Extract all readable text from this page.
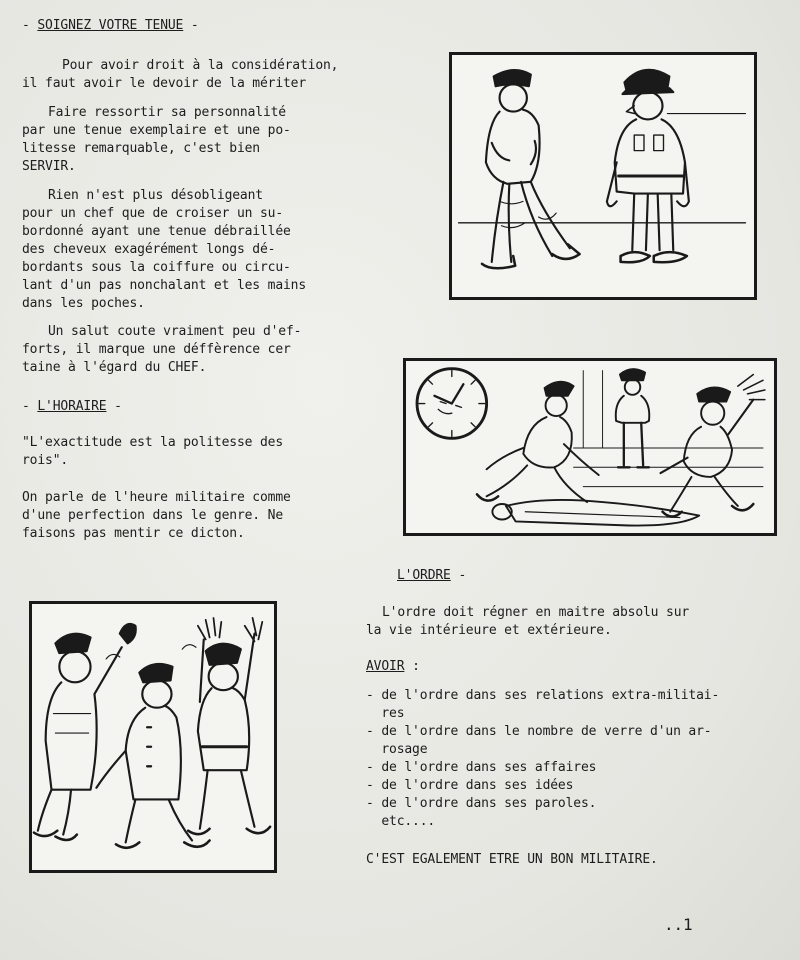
- SOIGNEZ VOTRE TENUE -
Pour avoir droit à la considération,
il faut avoir le devoir de la mériter
Faire ressortir sa personnalité
par une tenue exemplaire et une po-
litesse remarquable, c'est bien
SERVIR.
Rien n'est plus désobligeant
pour un chef que de croiser un su-
bordonné ayant une tenue débraillée
des cheveux exagérément longs dé-
bordants sous la coiffure ou circu-
lant d'un pas nonchalant et les mains
dans les poches.
Un salut coute vraiment peu d'ef-
forts, il marque une déffèrence cer
taine à l'égard du CHEF.
- L'HORAIRE -
"L'exactitude est la politesse des
rois".
On parle de l'heure militaire comme
d'une perfection dans le genre. Ne
faisons pas mentir ce dicton.
L'ORDRE -
L'ordre doit régner en maitre absolu sur
la vie intérieure et extérieure.
AVOIR :
- de l'ordre dans ses relations extra-militai-
res
- de l'ordre dans le nombre de verre d'un ar-
rosage
- de l'ordre dans ses affaires
- de l'ordre dans ses idées
- de l'ordre dans ses paroles.
etc....
C'EST EGALEMENT ETRE UN BON MILITAIRE.
..1
